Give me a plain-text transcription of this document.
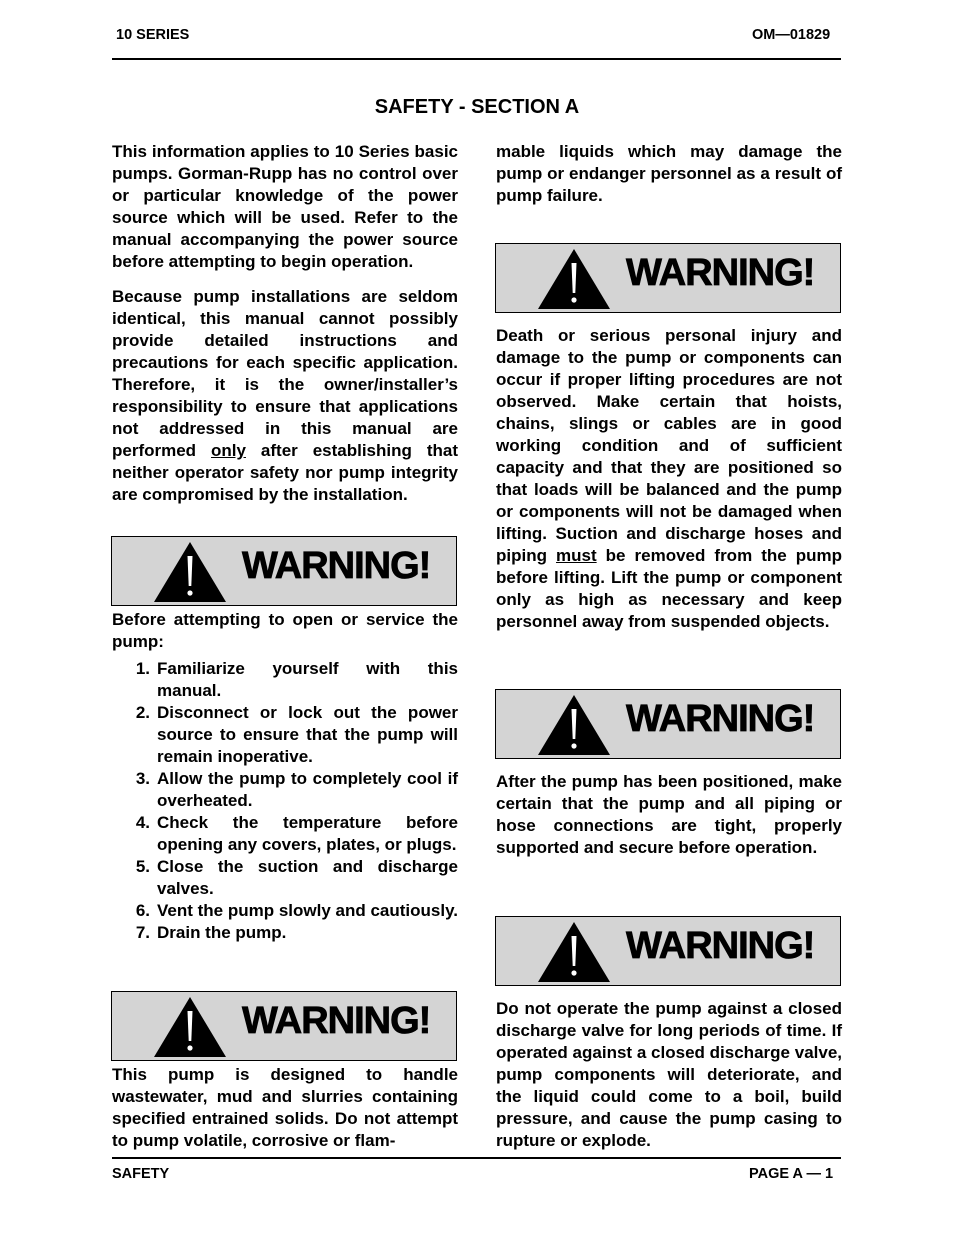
10 SERIES	OM—01829
SAFETY - SECTION A

This information applies to 10 Series basic pumps. Gorman-Rupp has no control over or particular knowledge of the power source which will be used. Refer to the manual accompanying the power source before attempting to begin operation.

Because pump installations are seldom identical, this manual cannot possibly provide detailed instructions and precautions for each specific application. Therefore, it is the owner/installer’s responsibility to ensure that applications not addressed in this manual are performed only after establishing that neither operator safety nor pump integrity are compromised by the installation.

WARNING!

Before attempting to open or service the pump:

1. Familiarize yourself with this manual.
2. Disconnect or lock out the power source to ensure that the pump will remain inoperative.
3. Allow the pump to completely cool if overheated.
4. Check the temperature before opening any covers, plates, or plugs.
5. Close the suction and discharge valves.
6. Vent the pump slowly and cautiously.
7. Drain the pump.
WARNING!

This pump is designed to handle wastewater, mud and slurries containing specified entrained solids. Do not attempt to pump volatile, corrosive or flam-

mable liquids which may damage the pump or endanger personnel as a result of pump failure.

WARNING!

Death or serious personal injury and damage to the pump or components can occur if proper lifting procedures are not observed. Make certain that hoists, chains, slings or cables are in good working condition and of sufficient capacity and that they are positioned so that loads will be balanced and the pump or components will not be damaged when lifting. Suction and discharge hoses and piping must be removed from the pump before lifting. Lift the pump or component only as high as necessary and keep personnel away from suspended objects.

WARNING!

After the pump has been positioned, make certain that the pump and all piping or hose connections are tight, properly supported and secure before operation.

WARNING!

Do not operate the pump against a closed discharge valve for long periods of time. If operated against a closed discharge valve, pump components will deteriorate, and the liquid could come to a boil, build pressure, and cause the pump casing to rupture or explode.

SAFETY	PAGE A — 1
